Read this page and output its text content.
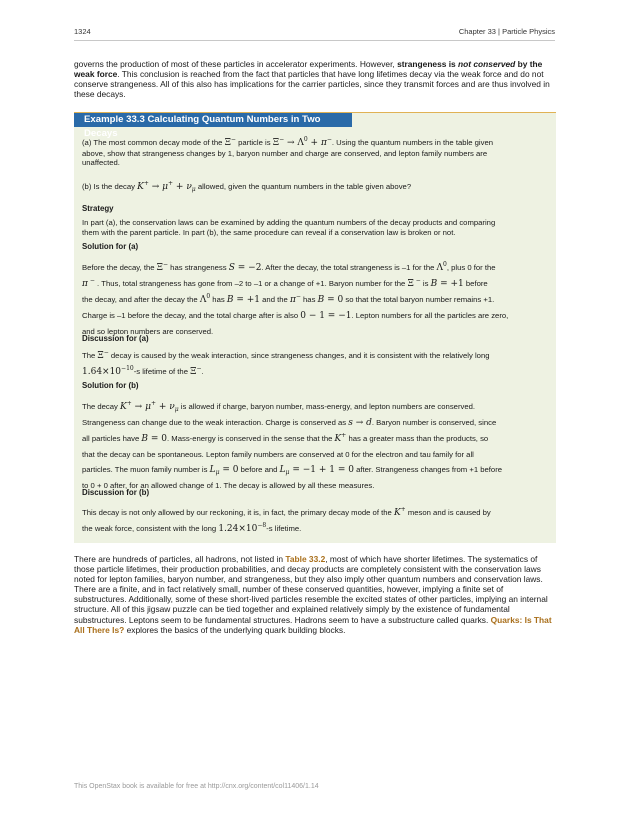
1324	Chapter 33 | Particle Physics
governs the production of most of these particles in accelerator experiments. However, strangeness is not conserved by the
weak force. This conclusion is reached from the fact that particles that have long lifetimes decay via the weak force and do not conserve strangeness. All of this also has implications for the carrier particles, since they transmit forces and are thus involved in these decays.
Example 33.3 Calculating Quantum Numbers in Two Decays
(a) The most common decay mode of the Ξ− particle is $\Xi^- \to \Lambda^0 + \pi^-$. Using the quantum numbers in the table given
above, show that strangeness changes by 1, baryon number and charge are conserved, and lepton family numbers are
unaffected.
(b) Is the decay $K^+ \to \mu^+ + \nu_\mu$ allowed, given the quantum numbers in the table given above?
Strategy
In part (a), the conservation laws can be examined by adding the quantum numbers of the decay products and comparing
them with the parent particle. In part (b), the same procedure can reveal if a conservation law is broken or not.
Solution for (a)
Before the decay, the Ξ− has strangeness S = −2. After the decay, the total strangeness is –1 for the $\Lambda^0$, plus 0 for the
π − . Thus, total strangeness has gone from –2 to –1 or a change of +1. Baryon number for the Ξ − is B = +1 before
the decay, and after the decay the $\Lambda^0$ has B = +1 and the π− has B = 0 so that the total baryon number remains +1.
Charge is –1 before the decay, and the total charge after is also 0 − 1 = −1. Lepton numbers for all the particles are zero,
and so lepton numbers are conserved.
Discussion for (a)
The Ξ− decay is caused by the weak interaction, since strangeness changes, and it is consistent with the relatively long
$1.64\times 10^{-10}-s$ lifetime of the Ξ−.
Solution for (b)
The decay $K^+ \to \mu^+ + \nu_\mu$ is allowed if charge, baryon number, mass-energy, and lepton numbers are conserved.
Strangeness can change due to the weak interaction. Charge is conserved as s → d. Baryon number is conserved, since
all particles have B = 0. Mass-energy is conserved in the sense that the K+ has a greater mass than the products, so
that the decay can be spontaneous. Lepton family numbers are conserved at 0 for the electron and tau family for all
particles. The muon family number is $L_\mu = 0$ before and $L_\mu = -1 + 1 = 0$ after. Strangeness changes from +1 before
to 0 + 0 after, for an allowed change of 1. The decay is allowed by all these measures.
Discussion for (b)
This decay is not only allowed by our reckoning, it is, in fact, the primary decay mode of the K+ meson and is caused by
the weak force, consistent with the long $1.24\times 10^{-8}-s$ lifetime.
There are hundreds of particles, all hadrons, not listed in Table 33.2, most of which have shorter lifetimes. The systematics of those particle lifetimes, their production probabilities, and decay products are completely consistent with the conservation laws noted for lepton families, baryon number, and strangeness, but they also imply other quantum numbers and conservation laws. There are a finite, and in fact relatively small, number of these conserved quantities, however, implying a finite set of substructures. Additionally, some of these short-lived particles resemble the excited states of other particles, implying an internal structure. All of this jigsaw puzzle can be tied together and explained relatively simply by the existence of fundamental substructures. Leptons seem to be fundamental structures. Hadrons seem to have a substructure called quarks. Quarks: Is That All There Is? explores the basics of the underlying quark building blocks.
This OpenStax book is available for free at http://cnx.org/content/col11406/1.14
